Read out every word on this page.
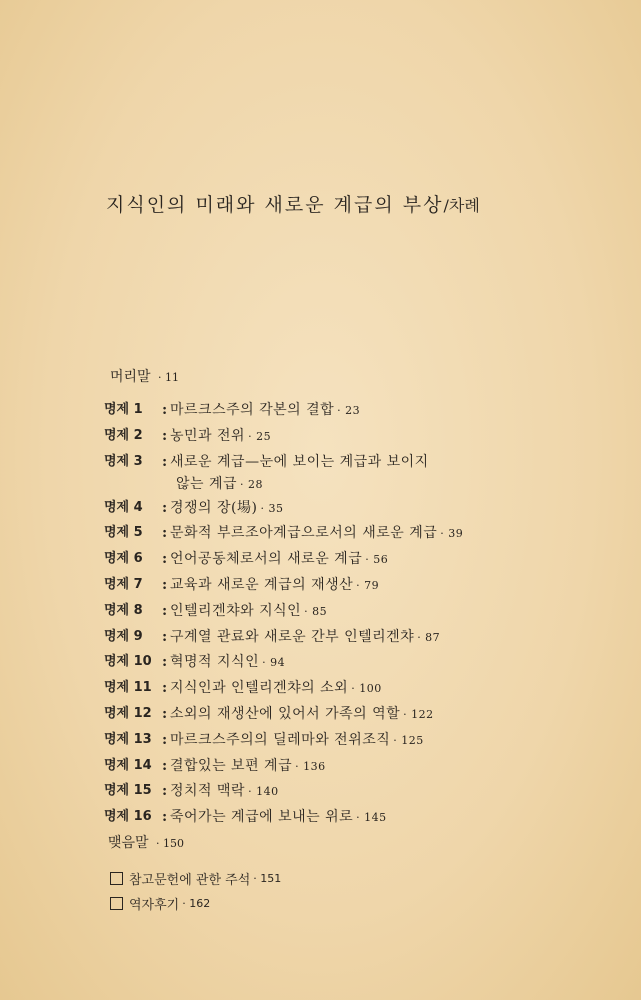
지식인의 미래와 새로운 계급의 부상/차례
머리말 · 11
명제 1	: 마르크스주의 각본의 결합 · 23
명제 2	: 농민과 전위 · 25
명제 3	: 새로운 계급—눈에 보이는 계급과 보이지
않는 계급 · 28
명제 4	: 경쟁의 장(場) · 35
명제 5	: 문화적 부르조아계급으로서의 새로운 계급 · 39
명제 6	: 언어공동체로서의 새로운 계급 · 56
명제 7	: 교육과 새로운 계급의 재생산 · 79
명제 8	: 인텔리겐챠와 지식인 · 85
명제 9	: 구계열 관료와 새로운 간부 인텔리겐챠 · 87
명제 10 : 혁명적 지식인 · 94
명제 11 : 지식인과 인텔리겐챠의 소외 · 100
명제 12 : 소외의 재생산에 있어서 가족의 역할 · 122
명제 13 : 마르크스주의의 딜레마와 전위조직 · 125
명제 14 : 결합있는 보편 계급 · 136
명제 15 : 정치적 맥락 · 140
명제 16 : 죽어가는 계급에 보내는 위로 · 145
맺음말 · 150
참고문헌에 관한 주석 · 151
역자후기 · 162
